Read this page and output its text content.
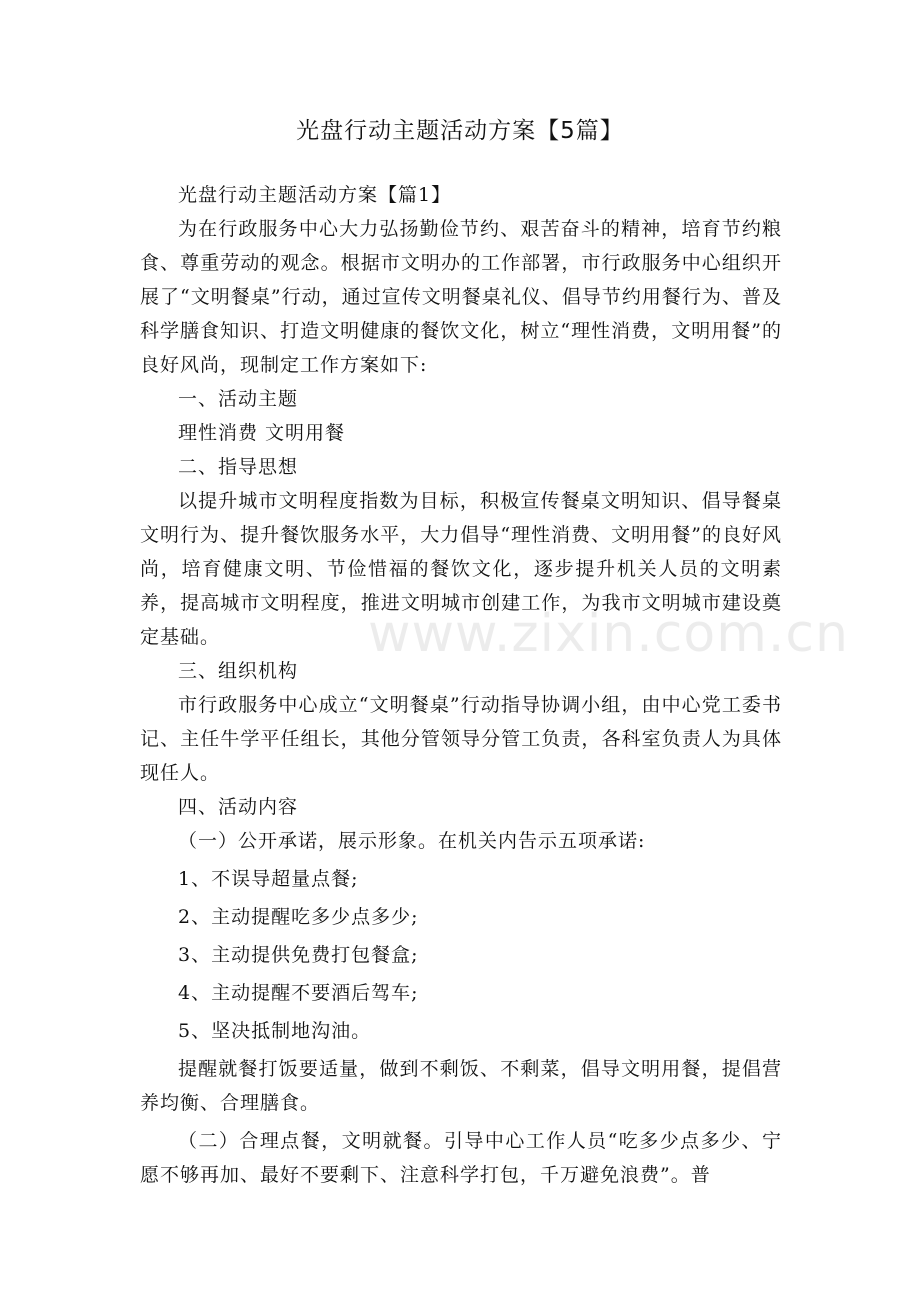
光盘行动主题活动方案【5篇】

光盘行动主题活动方案【篇1】

为在行政服务中心大力弘扬勤俭节约、艰苦奋斗的精神，培育节约粮食、尊重劳动的观念。根据市文明办的工作部署，市行政服务中心组织开展了“文明餐桌”行动，通过宣传文明餐桌礼仪、倡导节约用餐行为、普及科学膳食知识、打造文明健康的餐饮文化，树立“理性消费，文明用餐”的良好风尚，现制定工作方案如下:

一、活动主题

理性消费 文明用餐

二、指导思想

以提升城市文明程度指数为目标，积极宣传餐桌文明知识、倡导餐桌文明行为、提升餐饮服务水平，大力倡导“理性消费、文明用餐”的良好风尚，培育健康文明、节俭惜福的餐饮文化，逐步提升机关人员的文明素养，提高城市文明程度，推进文明城市创建工作，为我市文明城市建设奠定基础。

三、组织机构

市行政服务中心成立“文明餐桌”行动指导协调小组，由中心党工委书记、主任牛学平任组长，其他分管领导分管工负责，各科室负责人为具体现任人。

四、活动内容

（一）公开承诺，展示形象。在机关内告示五项承诺:

1、不误导超量点餐;

2、主动提醒吃多少点多少;

3、主动提供免费打包餐盒;

4、主动提醒不要酒后驾车;

5、坚决抵制地沟油。

提醒就餐打饭要适量，做到不剩饭、不剩菜，倡导文明用餐，提倡营养均衡、合理膳食。

（二）合理点餐，文明就餐。引导中心工作人员“吃多少点多少、宁愿不够再加、最好不要剩下、注意科学打包，千万避免浪费”。普

www.zixin.com.cn
